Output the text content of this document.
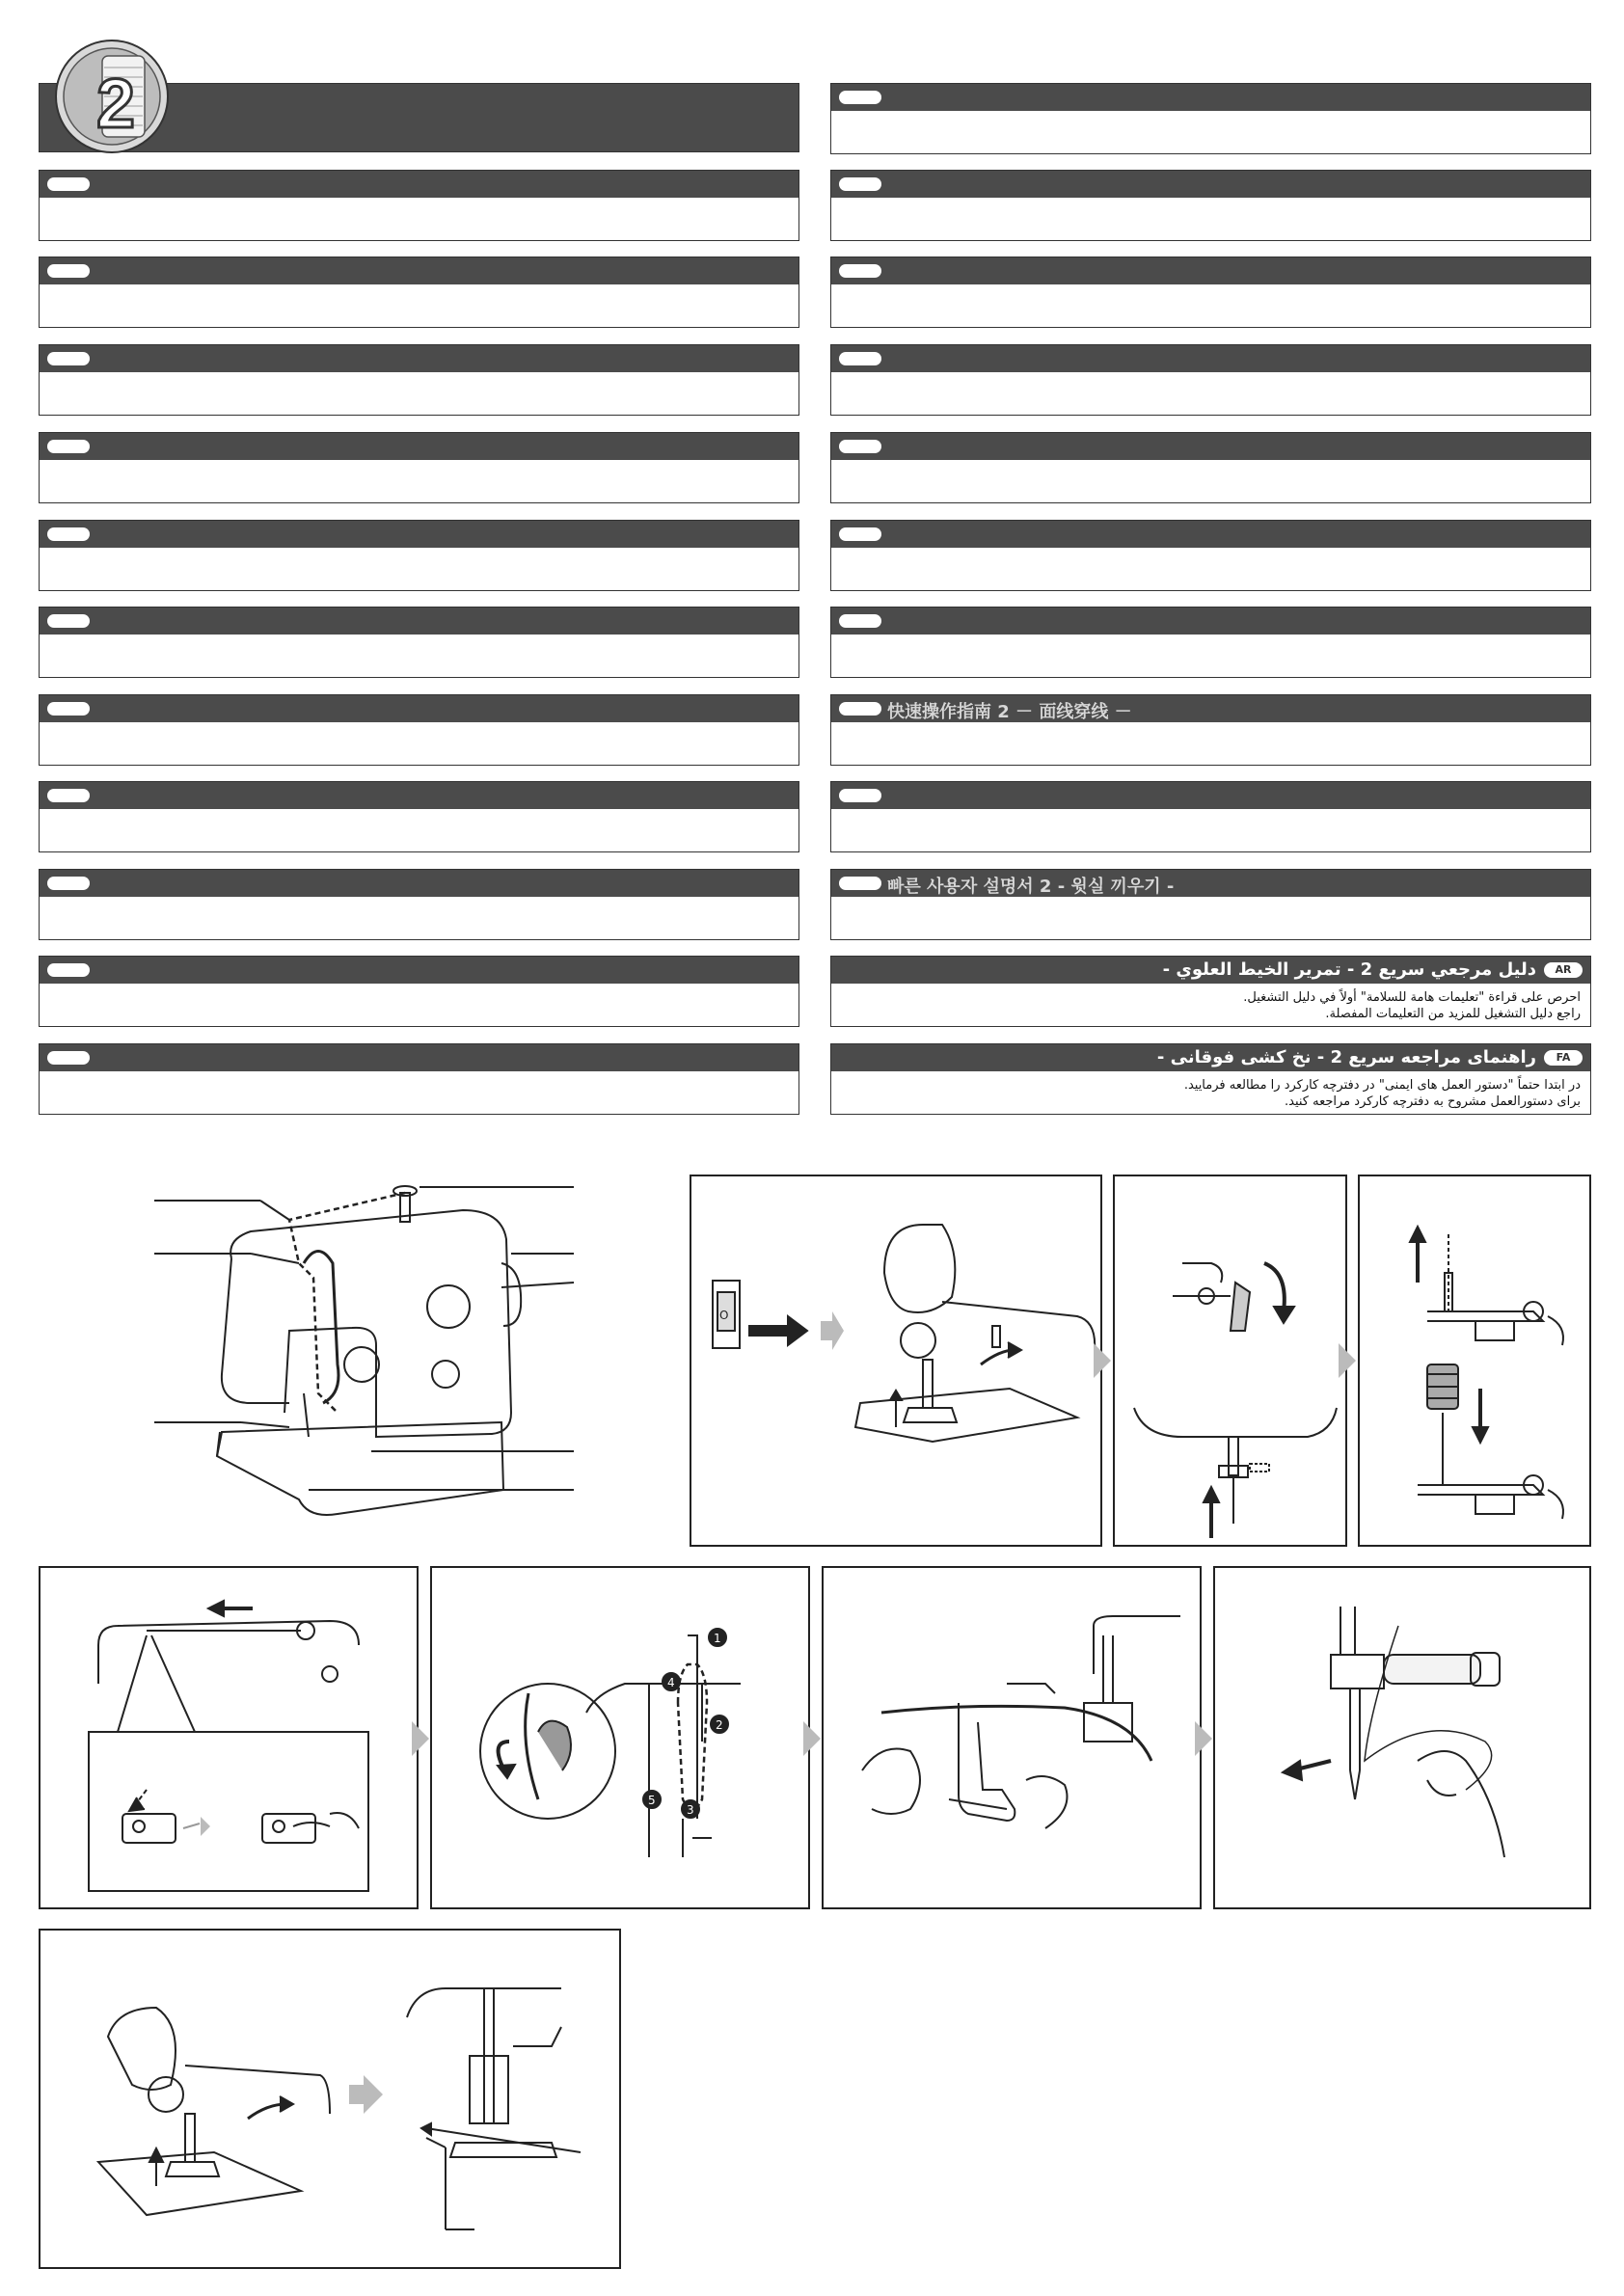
2
快速操作指南 2 － 面线穿线 －
빠른 사용자 설명서 2 - 윗실 끼우기 -
AR
دليل مرجعي سريع 2 - تمرير الخيط العلوي -
احرص على قراءة "تعليمات هامة للسلامة" أولاً في دليل التشغيل.
راجع دليل التشغيل للمزيد من التعليمات المفصلة.
FA
راهنمای مراجعه سریع 2 - نخ کشی فوقانی -
در ابتدا حتماً "دستور العمل های ایمنی" در دفترچه کارکرد را مطالعه فرمایید.
برای دستورالعمل مشروح به دفترچه کارکرد مراجعه کنید.
O
1
2
3
4
5
